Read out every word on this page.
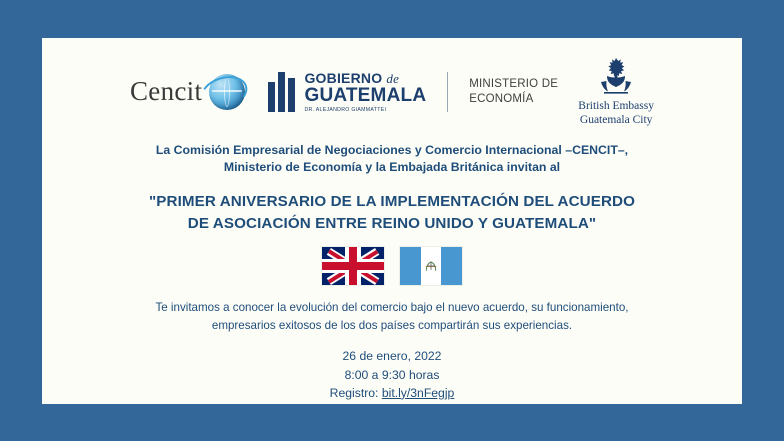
Cencit	GOBIERNO de
GUATEMALA
DR. ALEJANDRO GIAMMATTEI
MINISTERIO DE
ECONOMÍA
British Embassy
Guatemala City
La Comisión Empresarial de Negociaciones y Comercio Internacional –CENCIT–,
Ministerio de Economía y la Embajada Británica invitan al
"PRIMER ANIVERSARIO DE LA IMPLEMENTACIÓN DEL ACUERDO
DE ASOCIACIÓN ENTRE REINO UNIDO Y GUATEMALA"
Te invitamos a conocer la evolución del comercio bajo el nuevo acuerdo, su funcionamiento, empresarios exitosos de los dos países compartirán sus experiencias.
26 de enero, 2022
8:00 a 9:30 horas
Registro: bit.ly/3nFegjp
